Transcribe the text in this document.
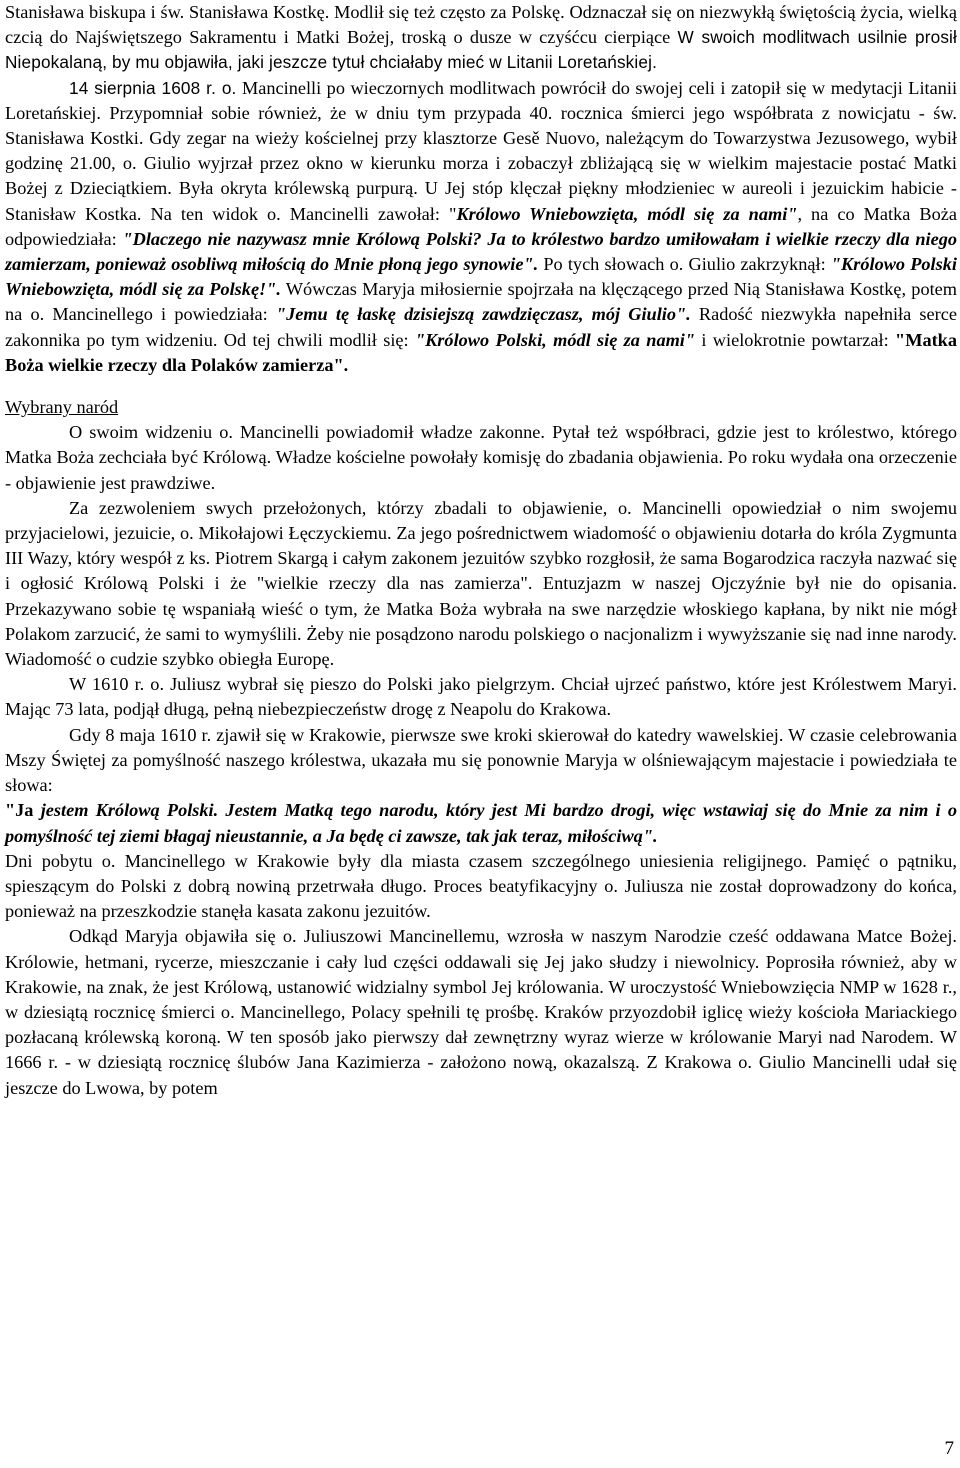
Stanisława biskupa i św. Stanisława Kostkę. Modlił się też często za Polskę. Odznaczał się on niezwykłą świętością życia, wielką czcią do Najświętszego Sakramentu i Matki Bożej, troską o dusze w czyśćcu cierpiące W swoich modlitwach usilnie prosił Niepokalaną, by mu objawiła, jaki jeszcze tytuł chciałaby mieć w Litanii Loretańskiej.

14 sierpnia 1608 r. o. Mancinelli po wieczornych modlitwach powrócił do swojej celi i zatopił się w medytacji Litanii Loretańskiej. Przypomniał sobie również, że w dniu tym przypada 40. rocznica śmierci jego współbrata z nowicjatu - św. Stanisława Kostki. Gdy zegar na wieży kościelnej przy klasztorze Gesě Nuovo, należącym do Towarzystwa Jezusowego, wybił godzinę 21.00, o. Giulio wyjrzał przez okno w kierunku morza i zobaczył zbliżającą się w wielkim majestacie postać Matki Bożej z Dzieciątkiem. Była okryta królewską purpurą. U Jej stóp klęczał piękny młodzieniec w aureoli i jezuickim habicie - Stanisław Kostka. Na ten widok o. Mancinelli zawołał: "Królowo Wniebowzięta, módl się za nami", na co Matka Boża odpowiedziała: "Dlaczego nie nazywasz mnie Królową Polski? Ja to królestwo bardzo umiłowałam i wielkie rzeczy dla niego zamierzam, ponieważ osobliwą miłością do Mnie płoną jego synowie". Po tych słowach o. Giulio zakrzyknął: "Królowo Polski Wniebowzięta, módl się za Polskę!". Wówczas Maryja miłosiernie spojrzała na klęczącego przed Nią Stanisława Kostkę, potem na o. Mancinellego i powiedziała: "Jemu tę łaskę dzisiejszą zawdzięczasz, mój Giulio". Radość niezwykła napełniła serce zakonnika po tym widzeniu. Od tej chwili modlił się: "Królowo Polski, módl się za nami" i wielokrotnie powtarzał: "Matka Boża wielkie rzeczy dla Polaków zamierza".

Wybrany naród

O swoim widzeniu o. Mancinelli powiadomił władze zakonne. Pytał też współbraci, gdzie jest to królestwo, którego Matka Boża zechciała być Królową. Władze kościelne powołały komisję do zbadania objawienia. Po roku wydała ona orzeczenie - objawienie jest prawdziwe.

Za zezwoleniem swych przełożonych, którzy zbadali to objawienie, o. Mancinelli opowiedział o nim swojemu przyjacielowi, jezuicie, o. Mikołajowi Łęczyckiemu. Za jego pośrednictwem wiadomość o objawieniu dotarła do króla Zygmunta III Wazy, który wespół z ks. Piotrem Skargą i całym zakonem jezuitów szybko rozgłosił, że sama Bogarodzica raczyła nazwać się i ogłosić Królową Polski i że "wielkie rzeczy dla nas zamierza". Entuzjazm w naszej Ojczyźnie był nie do opisania. Przekazywano sobie tę wspaniałą wieść o tym, że Matka Boża wybrała na swe narzędzie włoskiego kapłana, by nikt nie mógł Polakom zarzucić, że sami to wymyślili. Żeby nie posądzono narodu polskiego o nacjonalizm i wywyższanie się nad inne narody. Wiadomość o cudzie szybko obiegła Europę.

W 1610 r. o. Juliusz wybrał się pieszo do Polski jako pielgrzym. Chciał ujrzeć państwo, które jest Królestwem Maryi. Mając 73 lata, podjął długą, pełną niebezpieczeństw drogę z Neapolu do Krakowa.

Gdy 8 maja 1610 r. zjawił się w Krakowie, pierwsze swe kroki skierował do katedry wawelskiej. W czasie celebrowania Mszy Świętej za pomyślność naszego królestwa, ukazała mu się ponownie Maryja w olśniewającym majestacie i powiedziała te słowa:

"Ja jestem Królową Polski. Jestem Matką tego narodu, który jest Mi bardzo drogi, więc wstawiaj się do Mnie za nim i o pomyślność tej ziemi błagaj nieustannie, a Ja będę ci zawsze, tak jak teraz, miłościwą".

Dni pobytu o. Mancinellego w Krakowie były dla miasta czasem szczególnego uniesienia religijnego. Pamięć o pątniku, spieszącym do Polski z dobrą nowiną przetrwała długo. Proces beatyfikacyjny o. Juliusza nie został doprowadzony do końca, ponieważ na przeszkodzie stanęła kasata zakonu jezuitów.

Odkąd Maryja objawiła się o. Juliuszowi Mancinellemu, wzrosła w naszym Narodzie cześć oddawana Matce Bożej. Królowie, hetmani, rycerze, mieszczanie i cały lud części oddawali się Jej jako słudzy i niewolnicy. Poprosiła również, aby w Krakowie, na znak, że jest Królową, ustanowić widzialny symbol Jej królowania. W uroczystość Wniebowzięcia NMP w 1628 r., w dziesiątą rocznicę śmierci o. Mancinellego, Polacy spełnili tę prośbę. Kraków przyozdobił iglicę wieży kościoła Mariackiego pozłacaną królewską koroną. W ten sposób jako pierwszy dał zewnętrzny wyraz wierze w królowanie Maryi nad Narodem. W 1666 r. - w dziesiątą rocznicę ślubów Jana Kazimierza - założono nową, okazalszą. Z Krakowa o. Giulio Mancinelli udał się jeszcze do Lwowa, by potem

7
